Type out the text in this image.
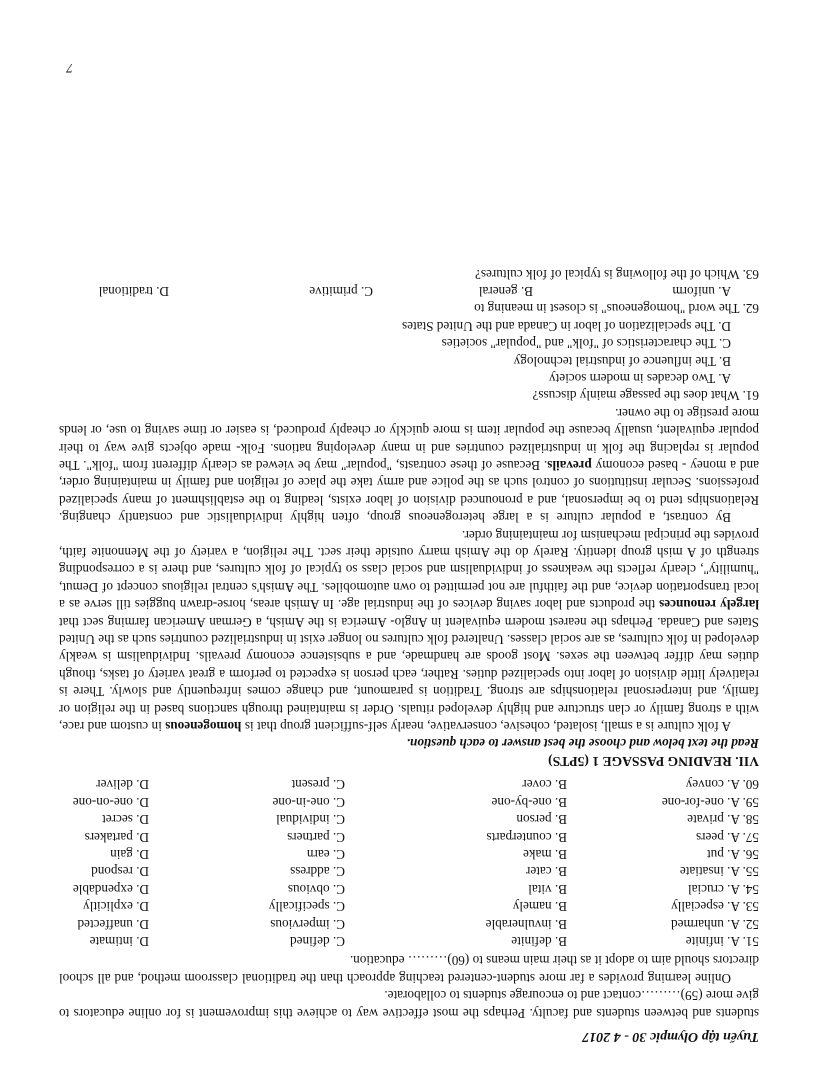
Tuyển tập Olympic 30 - 4 2017

students and between students and faculty. Perhaps the most effective way to achieve this improvement is for online educators to give more (59)………contact and to encourage students to collaborate.

Online learning provides a far more student-centered teaching approach than the traditional classroom method, and all school directors should aim to adopt it as their main means to (60)……… education.

51. A. infinite
B. definite
C. defined
D. intimate
52. A. unharmed
B. invulnerable
C. impervious
D. unaffected
53. A. especially
B. namely
C. specifically
D. explicitly
54. A. crucial
B. vital
C. obvious
D. expendable
55. A. insatiate
B. cater
C. address
D. respond
56. A. put
B. make
C. earn
D. gain
57. A. peers
B. counterparts
C. partners
D. partakers
58. A. private
B. person
C. individual
D. secret
59. A. one-for-one
B. one-by-one
C. one-in-one
D. one-on-one
60. A. convey
B. cover
C. present
D. deliver
VII. READING PASSAGE 1 (5PTS)
Read the text below and choose the best answer to each question.

A folk culture is a small, isolated, cohesive, conservative, nearly self-sufficient group that is homogeneous in custom and race, with a strong family or clan structure and highly developed rituals. Order is maintained through sanctions based in the religion or family, and interpersonal relationships are strong. Tradition is paramount, and change comes infrequently and slowly. There is relatively little division of labor into specialized duties. Rather, each person is expected to perform a great variety of tasks, though duties may differ between the sexes. Most goods are handmade, and a subsistence economy prevails. Individualism is weakly developed in folk cultures, as are social classes. Unaltered folk cultures no longer exist in industrialized countries such as the United States and Canada. Perhaps the nearest modern equivalent in Anglo- America is the Amish, a German American farming sect that largely renounces the products and labor saving devices of the industrial age. In Amish areas, horse-drawn buggies till serve as a local transportation device, and the faithful are not permitted to own automobiles. The Amish's central religious concept of Demut, "humility", clearly reflects the weakness of individualism and social class so typical of folk cultures, and there is a corresponding strength of A mish group identity. Rarely do the Amish marry outside their sect. The religion, a variety of the Mennonite faith, provides the principal mechanism for maintaining order.

By contrast, a popular culture is a large heterogeneous group, often highly individualistic and constantly changing. Relationships tend to be impersonal, and a pronounced division of labor exists, leading to the establishment of many specialized professions. Secular institutions of control such as the police and army take the place of religion and family in maintaining order, and a money - based economy prevails. Because of these contrasts, "popular" may be viewed as clearly different from "folk". The popular is replacing the folk in industrialized countries and in many developing nations. Folk- made objects give way to their popular equivalent, usually because the popular item is more quickly or cheaply produced, is easier or time saving to use, or lends more prestige to the owner.

61. What does the passage mainly discuss?

A. Two decades in modern society

B. The influence of industrial technology

C. The characteristics of "folk" and "popular" societies

D. The specialization of labor in Canada and the United States

62. The word "homogeneous" is closest in meaning to

A. uniform
B. general
C. primitive
D. traditional

63. Which of the following is typical of folk cultures?

7
